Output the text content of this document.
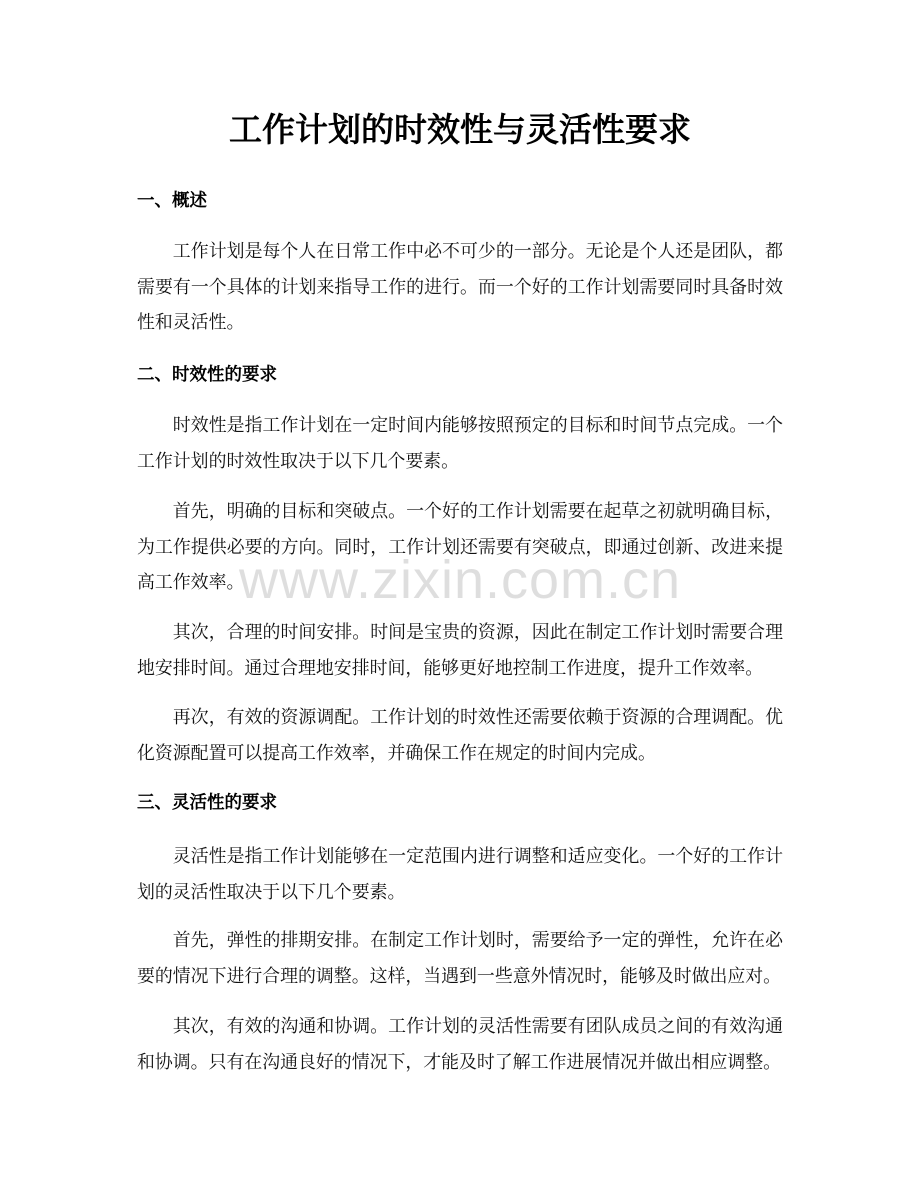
工作计划的时效性与灵活性要求
一、概述

工作计划是每个人在日常工作中必不可少的一部分。无论是个人还是团队，都需要有一个具体的计划来指导工作的进行。而一个好的工作计划需要同时具备时效性和灵活性。

二、时效性的要求

时效性是指工作计划在一定时间内能够按照预定的目标和时间节点完成。一个工作计划的时效性取决于以下几个要素。

首先，明确的目标和突破点。一个好的工作计划需要在起草之初就明确目标，为工作提供必要的方向。同时，工作计划还需要有突破点，即通过创新、改进来提高工作效率。

其次，合理的时间安排。时间是宝贵的资源，因此在制定工作计划时需要合理地安排时间。通过合理地安排时间，能够更好地控制工作进度，提升工作效率。

再次，有效的资源调配。工作计划的时效性还需要依赖于资源的合理调配。优化资源配置可以提高工作效率，并确保工作在规定的时间内完成。

三、灵活性的要求

灵活性是指工作计划能够在一定范围内进行调整和适应变化。一个好的工作计划的灵活性取决于以下几个要素。

首先，弹性的排期安排。在制定工作计划时，需要给予一定的弹性，允许在必要的情况下进行合理的调整。这样，当遇到一些意外情况时，能够及时做出应对。

其次，有效的沟通和协调。工作计划的灵活性需要有团队成员之间的有效沟通和协调。只有在沟通良好的情况下，才能及时了解工作进展情况并做出相应调整。

www.zixin.com.cn
